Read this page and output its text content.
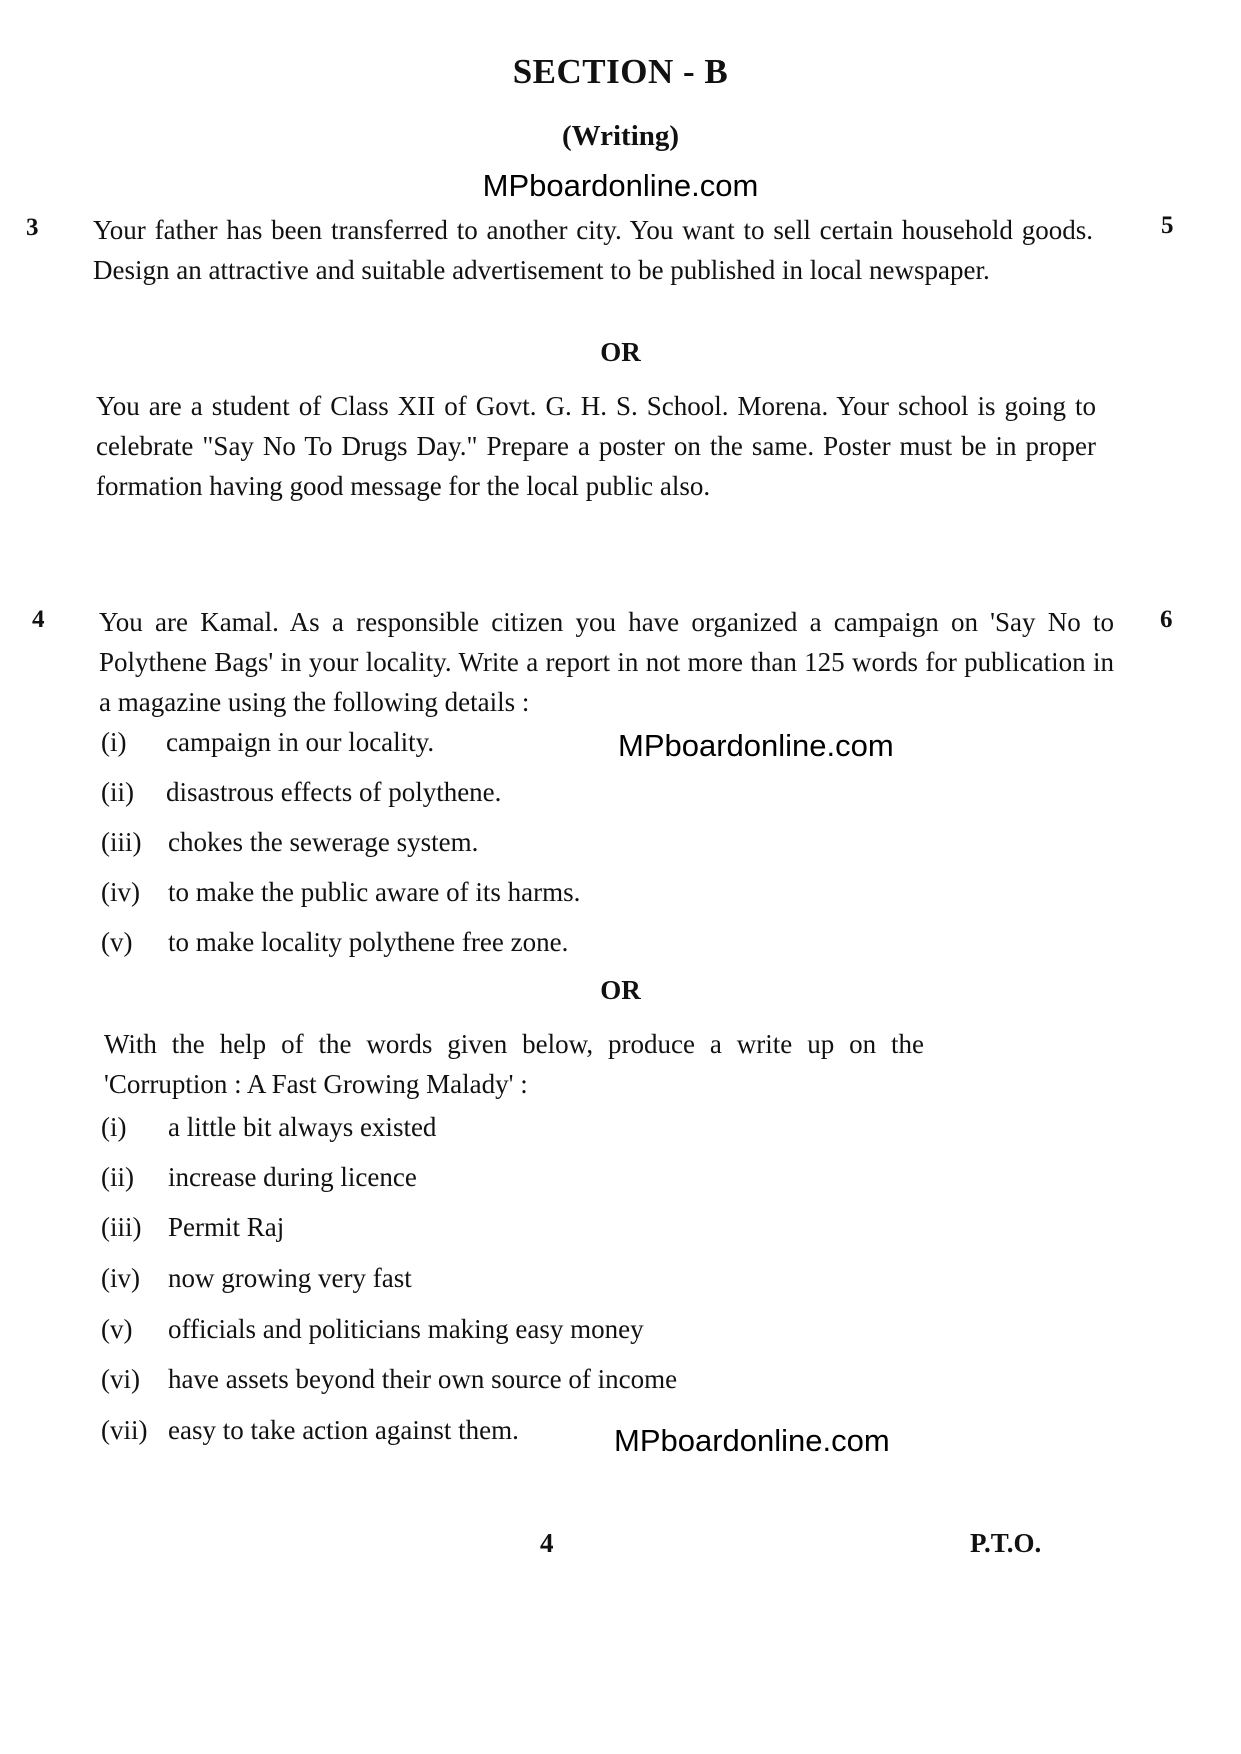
SECTION - B
(Writing)
MPboardonline.com
3	5
Your father has been transferred to another city. You want to sell certain household goods. Design an attractive and suitable advertisement to be published in local newspaper.
OR
You are a student of Class XII of Govt. G. H. S. School. Morena. Your school is going to celebrate "Say No To Drugs Day." Prepare a poster on the same. Poster must be in proper formation having good message for the local public also.
4	6
You are Kamal. As a responsible citizen you have organized a campaign on 'Say No to Polythene Bags' in your locality. Write a report in not more than 125 words for publication in a magazine using the following details :
(i) campaign in our locality.
(ii) disastrous effects of polythene.
(iii) chokes the sewerage system.
(iv) to make the public aware of its harms.
(v) to make locality polythene free zone.
MPboardonline.com
OR
With the help of the words given below, produce a write up on the 'Corruption : A Fast Growing Malady' :
(i) a little bit always existed
(ii) increase during licence
(iii) Permit Raj
(iv) now growing very fast
(v) officials and politicians making easy money
(vi) have assets beyond their own source of income
(vii) easy to take action against them.	MPboardonline.com
4	P.T.O.
